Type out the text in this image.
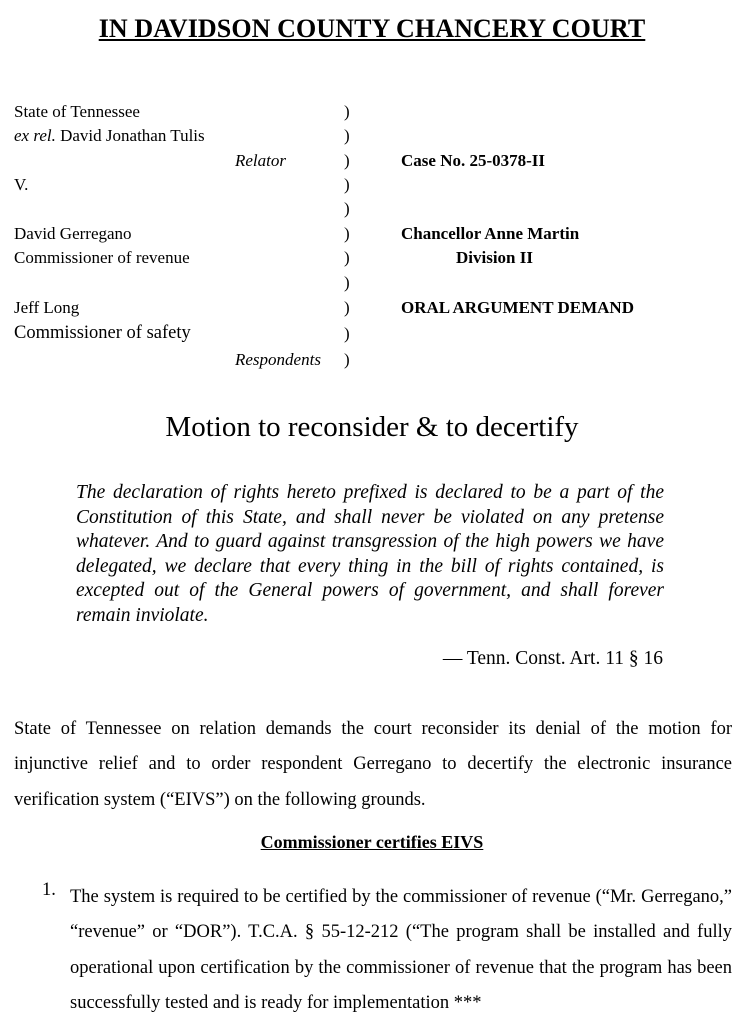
IN DAVIDSON COUNTY CHANCERY COURT
State of Tennessee
ex rel. David Jonathan Tulis
Relator
V.
David Gerregano
Commissioner of revenue
Jeff Long
Commissioner of safety
Respondents
)
)
)
)
)
)
)
)
)
)
)
Case No. 25-0378-II
Chancellor Anne Martin
Division II
ORAL ARGUMENT DEMAND
Motion to reconsider & to decertify

The declaration of rights hereto prefixed is declared to be a part of the Constitution of this State, and shall never be violated on any pretense whatever. And to guard against transgression of the high powers we have delegated, we declare that every thing in the bill of rights contained, is excepted out of the General powers of government, and shall forever remain inviolate.

— Tenn. Const. Art. 11 § 16

State of Tennessee on relation demands the court reconsider its denial of the motion for injunctive relief and to order respondent Gerregano to decertify the electronic insurance verification system (“EIVS”) on the following grounds.

Commissioner certifies EIVS
1. The system is required to be certified by the commissioner of revenue (“Mr. Gerregano,” “revenue” or “DOR”). T.C.A. § 55-12-212 (“The program shall be installed and fully operational upon certification by the commissioner of revenue that the program has been successfully tested and is ready for implementation ***
